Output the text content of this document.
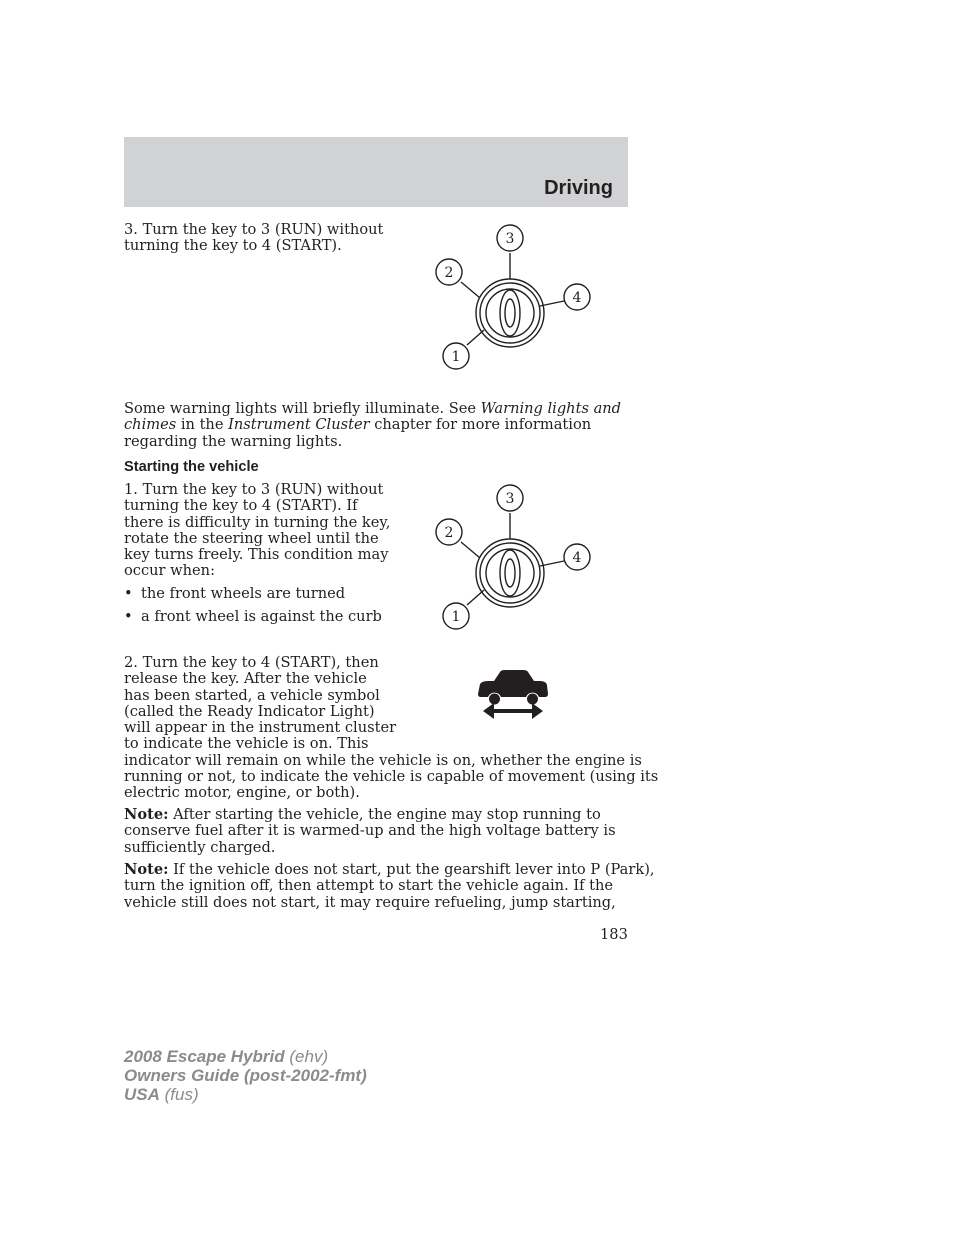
Driving
3. Turn the key to 3 (RUN) without
turning the key to 4 (START).	3
2
4
1
Some warning lights will briefly illuminate. See Warning lights and
chimes in the Instrument Cluster chapter for more information
regarding the warning lights.
Starting the vehicle
1. Turn the key to 3 (RUN) without
turning the key to 4 (START). If
there is difficulty in turning the key,
rotate the steering wheel until the
key turns freely. This condition may
occur when:
• the front wheels are turned
• a front wheel is against the curb
3
2
4
1
2. Turn the key to 4 (START), then
release the key. After the vehicle
has been started, a vehicle symbol
(called the Ready Indicator Light)
will appear in the instrument cluster
to indicate the vehicle is on. This
indicator will remain on while the vehicle is on, whether the engine is
running or not, to indicate the vehicle is capable of movement (using its
electric motor, engine, or both).
Note: After starting the vehicle, the engine may stop running to
conserve fuel after it is warmed-up and the high voltage battery is
sufficiently charged.
Note: If the vehicle does not start, put the gearshift lever into P (Park),
turn the ignition off, then attempt to start the vehicle again. If the
vehicle still does not start, it may require refueling, jump starting,
183
2008 Escape Hybrid (ehv)
Owners Guide (post-2002-fmt)
USA (fus)
